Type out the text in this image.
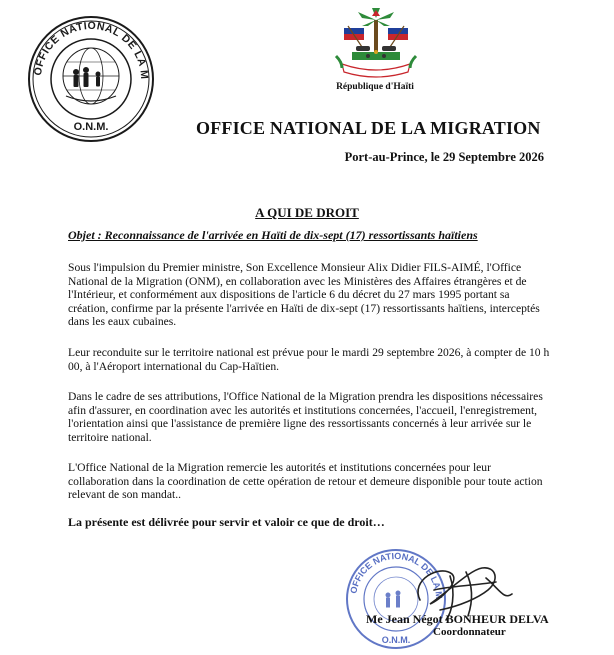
OFFICE NATIONAL DE LA M
O.N.M.
République d'Haïti
OFFICE NATIONAL DE LA MIGRATION
Port-au-Prince, le 29 Septembre 2026
A QUI DE DROIT
Objet : Reconnaissance de l'arrivée en Haïti de dix-sept (17) ressortissants haïtiens

Sous l'impulsion du Premier ministre, Son Excellence Monsieur Alix Didier FILS-AIMÉ, l'Office National de la Migration (ONM), en collaboration avec les Ministères des Affaires étrangères et de l'Intérieur, et conformément aux dispositions de l'article 6 du décret du 27 mars 1995 portant sa création, confirme par la présente l'arrivée en Haïti de dix-sept (17) ressortissants haïtiens, interceptés dans les eaux cubaines.

Leur reconduite sur le territoire national est prévue pour le mardi 29 septembre 2026, à compter de 10 h 00, à l'Aéroport international du Cap-Haïtien.

Dans le cadre de ses attributions, l'Office National de la Migration prendra les dispositions nécessaires afin d'assurer, en coordination avec les autorités et institutions concernées, l'accueil, l'enregistrement, l'orientation ainsi que l'assistance de première ligne des ressortissants concernés à leur arrivée sur le territoire national.

L'Office National de la Migration remercie les autorités et institutions concernées pour leur collaboration dans la coordination de cette opération de retour et demeure disponible pour toute action relevant de son mandat..

La présente est délivrée pour servir et valoir ce que de droit…
OFFICE NATIONAL DE LA M
O.N.M.
Me Jean Négot BONHEUR DELVA
Coordonnateur
